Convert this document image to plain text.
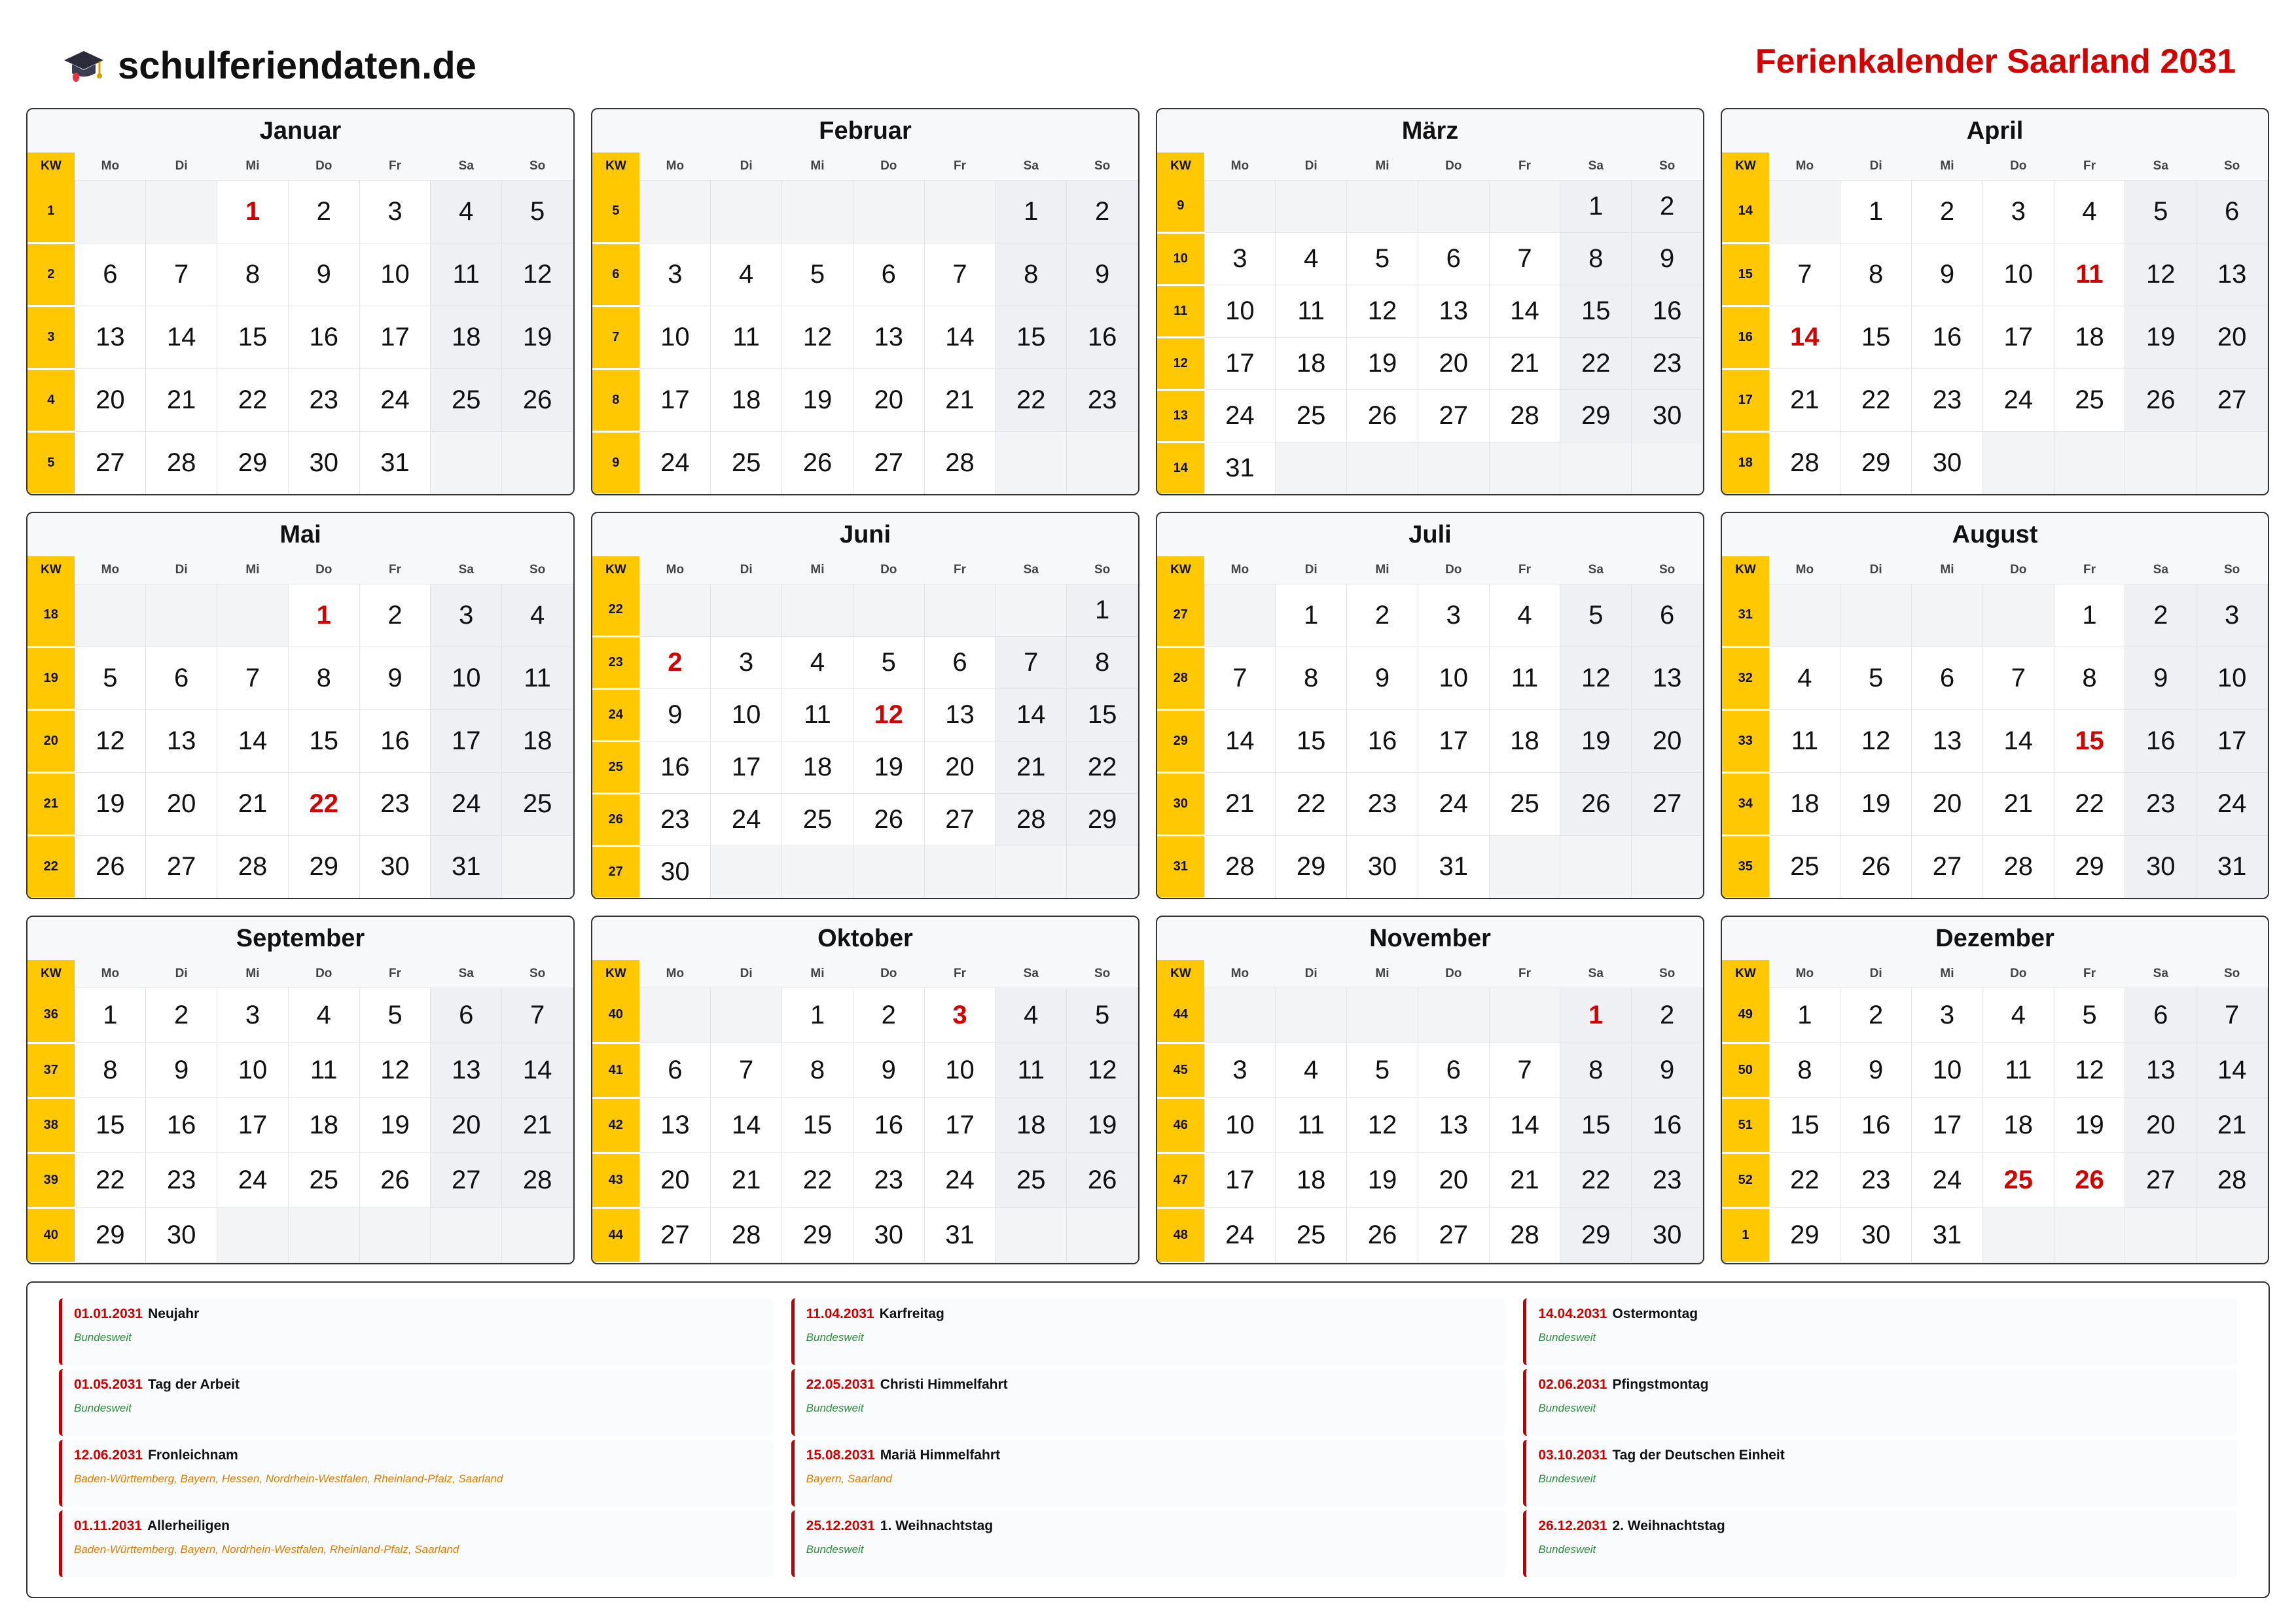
schulferiendaten.de	Ferienkalender Saarland 2031
Januar
KW	Mo	Di	Mi	Do	Fr	Sa	So
1			1	2	3	4	5
2	6	7	8	9	10	11	12
3	13	14	15	16	17	18	19
4	20	21	22	23	24	25	26
5	27	28	29	30	31		
Februar
KW	Mo	Di	Mi	Do	Fr	Sa	So
5						1	2
6	3	4	5	6	7	8	9
7	10	11	12	13	14	15	16
8	17	18	19	20	21	22	23
9	24	25	26	27	28		
März
KW	Mo	Di	Mi	Do	Fr	Sa	So
9						1	2
10	3	4	5	6	7	8	9
11	10	11	12	13	14	15	16
12	17	18	19	20	21	22	23
13	24	25	26	27	28	29	30
14	31						
April
KW	Mo	Di	Mi	Do	Fr	Sa	So
14		1	2	3	4	5	6
15	7	8	9	10	11	12	13
16	14	15	16	17	18	19	20
17	21	22	23	24	25	26	27
18	28	29	30				
Mai
KW	Mo	Di	Mi	Do	Fr	Sa	So
18				1	2	3	4
19	5	6	7	8	9	10	11
20	12	13	14	15	16	17	18
21	19	20	21	22	23	24	25
22	26	27	28	29	30	31	
Juni
KW	Mo	Di	Mi	Do	Fr	Sa	So
22							1
23	2	3	4	5	6	7	8
24	9	10	11	12	13	14	15
25	16	17	18	19	20	21	22
26	23	24	25	26	27	28	29
27	30						
Juli
KW	Mo	Di	Mi	Do	Fr	Sa	So
27		1	2	3	4	5	6
28	7	8	9	10	11	12	13
29	14	15	16	17	18	19	20
30	21	22	23	24	25	26	27
31	28	29	30	31			
August
KW	Mo	Di	Mi	Do	Fr	Sa	So
31					1	2	3
32	4	5	6	7	8	9	10
33	11	12	13	14	15	16	17
34	18	19	20	21	22	23	24
35	25	26	27	28	29	30	31
September
KW	Mo	Di	Mi	Do	Fr	Sa	So
36	1	2	3	4	5	6	7
37	8	9	10	11	12	13	14
38	15	16	17	18	19	20	21
39	22	23	24	25	26	27	28
40	29	30					
Oktober
KW	Mo	Di	Mi	Do	Fr	Sa	So
40			1	2	3	4	5
41	6	7	8	9	10	11	12
42	13	14	15	16	17	18	19
43	20	21	22	23	24	25	26
44	27	28	29	30	31		
November
KW	Mo	Di	Mi	Do	Fr	Sa	So
44						1	2
45	3	4	5	6	7	8	9
46	10	11	12	13	14	15	16
47	17	18	19	20	21	22	23
48	24	25	26	27	28	29	30
Dezember
KW	Mo	Di	Mi	Do	Fr	Sa	So
49	1	2	3	4	5	6	7
50	8	9	10	11	12	13	14
51	15	16	17	18	19	20	21
52	22	23	24	25	26	27	28
1	29	30	31				
01.01.2031 Neujahr
Bundesweit
11.04.2031 Karfreitag
Bundesweit
14.04.2031 Ostermontag
Bundesweit
01.05.2031 Tag der Arbeit
Bundesweit
22.05.2031 Christi Himmelfahrt
Bundesweit
02.06.2031 Pfingstmontag
Bundesweit
12.06.2031 Fronleichnam
Baden-Württemberg, Bayern, Hessen, Nordrhein-Westfalen, Rheinland-Pfalz, Saarland
15.08.2031 Mariä Himmelfahrt
Bayern, Saarland
03.10.2031 Tag der Deutschen Einheit
Bundesweit
01.11.2031 Allerheiligen
Baden-Württemberg, Bayern, Nordrhein-Westfalen, Rheinland-Pfalz, Saarland
25.12.2031 1. Weihnachtstag
Bundesweit
26.12.2031 2. Weihnachtstag
Bundesweit
